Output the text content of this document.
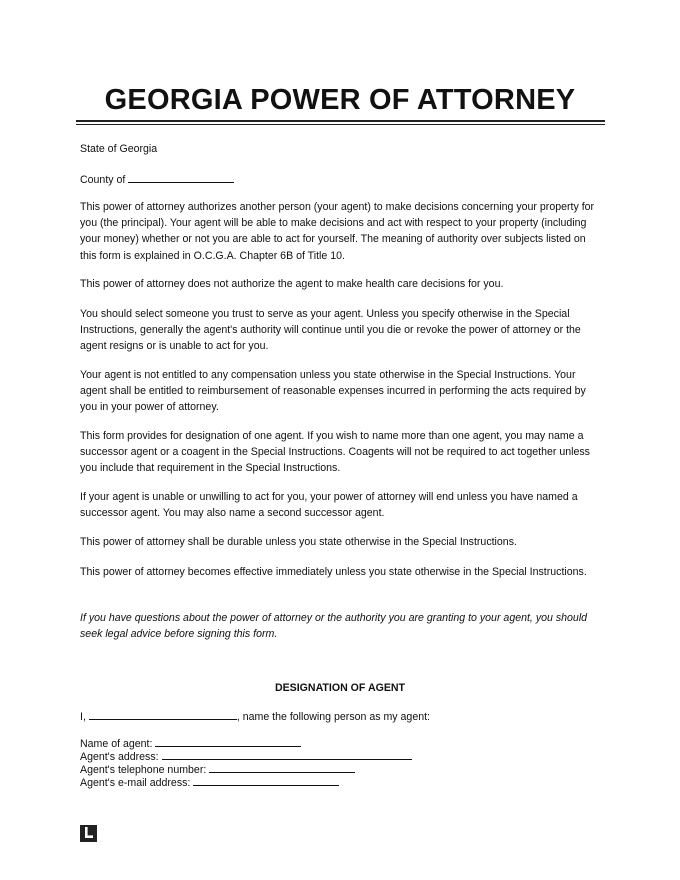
GEORGIA POWER OF ATTORNEY

State of Georgia

County of

This power of attorney authorizes another person (your agent) to make decisions concerning your property for you (the principal). Your agent will be able to make decisions and act with respect to your property (including your money) whether or not you are able to act for yourself. The meaning of authority over subjects listed on this form is explained in O.C.G.A. Chapter 6B of Title 10.

This power of attorney does not authorize the agent to make health care decisions for you.

You should select someone you trust to serve as your agent. Unless you specify otherwise in the Special Instructions, generally the agent's authority will continue until you die or revoke the power of attorney or the agent resigns or is unable to act for you.

Your agent is not entitled to any compensation unless you state otherwise in the Special Instructions. Your agent shall be entitled to reimbursement of reasonable expenses incurred in performing the acts required by you in your power of attorney.

This form provides for designation of one agent. If you wish to name more than one agent, you may name a successor agent or a coagent in the Special Instructions. Coagents will not be required to act together unless you include that requirement in the Special Instructions.

If your agent is unable or unwilling to act for you, your power of attorney will end unless you have named a successor agent. You may also name a second successor agent.

This power of attorney shall be durable unless you state otherwise in the Special Instructions.

This power of attorney becomes effective immediately unless you state otherwise in the Special Instructions.

If you have questions about the power of attorney or the authority you are granting to your agent, you should seek legal advice before signing this form.

DESIGNATION OF AGENT
I,	, name the following person as my agent:
Name of agent:
Agent's address:
Agent's telephone number:
Agent's e-mail address:
